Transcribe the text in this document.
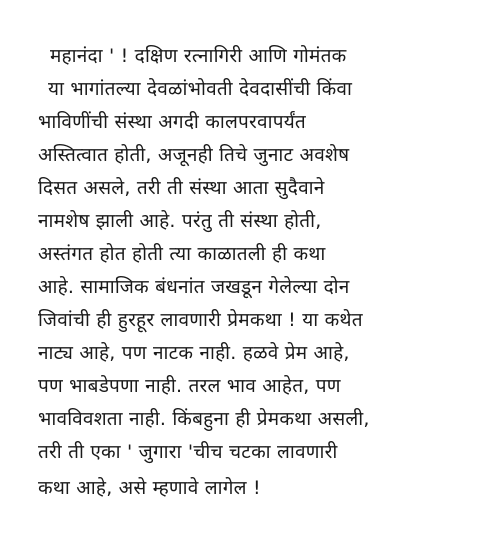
महानंदा ' ! दक्षिण रत्नागिरी आणि गोमंतक
या भागांतल्या देवळांभोवती देवदासींची किंवा
भाविणींची संस्था अगदी कालपरवापर्यंत
अस्तित्वात होती, अजूनही तिचे जुनाट अवशेष
दिसत असले, तरी ती संस्था आता सुदैवाने
नामशेष झाली आहे. परंतु ती संस्था होती,
अस्तंगत होत होती त्या काळातली ही कथा
आहे. सामाजिक बंधनांत जखडून गेलेल्या दोन
जिवांची ही हुरहूर लावणारी प्रेमकथा ! या कथेत
नाट्य आहे, पण नाटक नाही. हळवे प्रेम आहे,
पण भाबडेपणा नाही. तरल भाव आहेत, पण
भावविवशता नाही. किंबहुना ही प्रेमकथा असली,
तरी ती एका ' जुगारा 'चीच चटका लावणारी
कथा आहे, असे म्हणावे लागेल !
